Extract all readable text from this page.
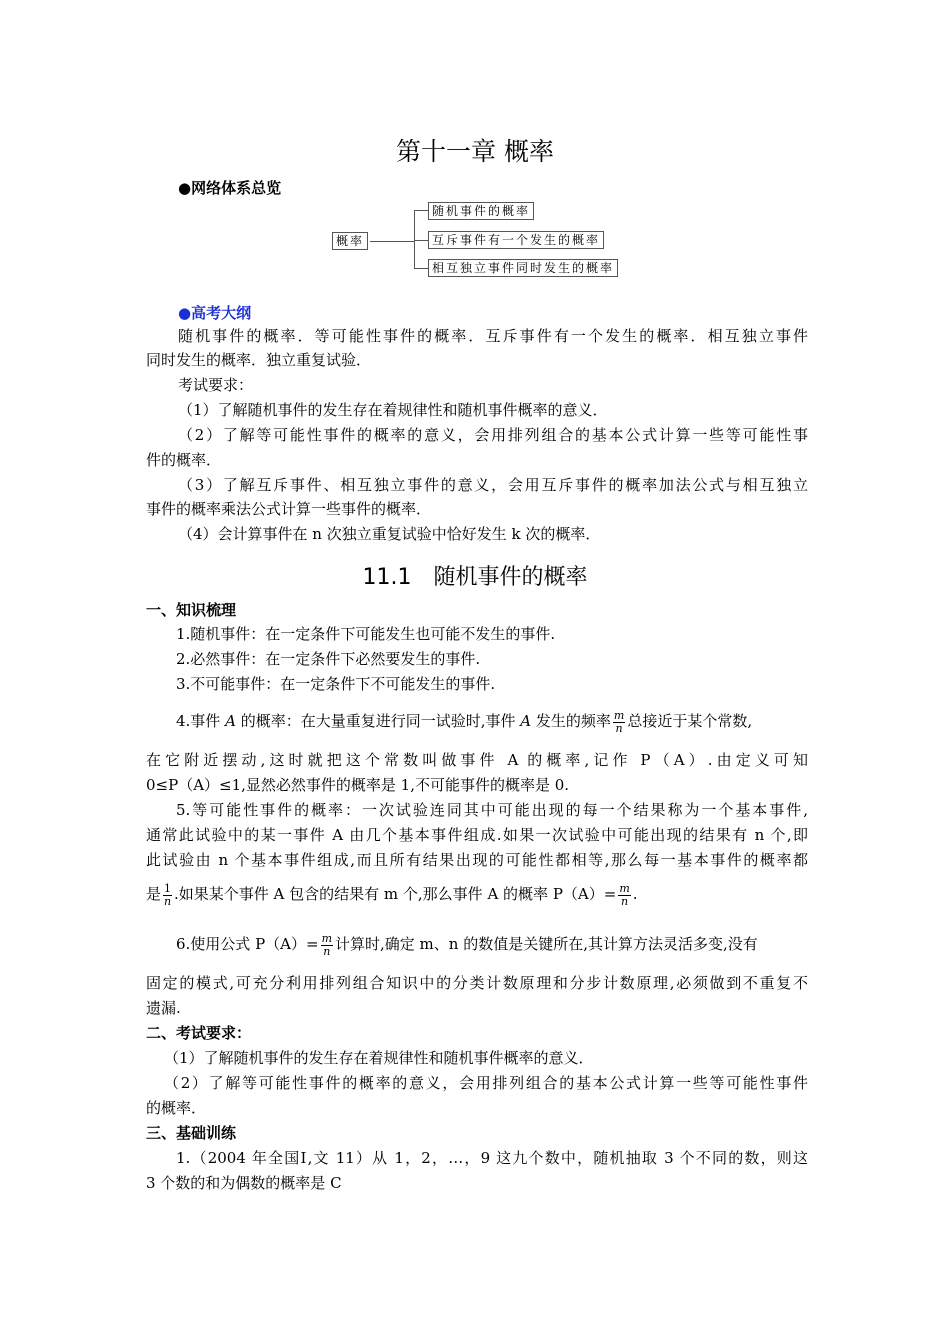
第十一章 概率
●网络体系总览
概率
随机事件的概率
互斥事件有一个发生的概率
相互独立事件同时发生的概率
●高考大纲
随机事件的概率．等可能性事件的概率．互斥事件有一个发生的概率．相互独立事件
同时发生的概率．独立重复试验．
考试要求：
（1）了解随机事件的发生存在着规律性和随机事件概率的意义．
（2）了解等可能性事件的概率的意义，会用排列组合的基本公式计算一些等可能性事
件的概率．
（3）了解互斥事件、相互独立事件的意义，会用互斥事件的概率加法公式与相互独立
事件的概率乘法公式计算一些事件的概率．
（4）会计算事件在 n 次独立重复试验中恰好发生 k 次的概率．
11.1　随机事件的概率
一、知识梳理
1.随机事件：在一定条件下可能发生也可能不发生的事件.
2.必然事件：在一定条件下必然要发生的事件.
3.不可能事件：在一定条件下不可能发生的事件.
4.事件 A 的概率：在大量重复进行同一试验时,事件 A 发生的频率 $\frac{m}{n}$ 总接近于某个常数,
在它附近摆动,这时就把这个常数叫做事件 A 的概率,记作 P（A）.由定义可知
0≤P（A）≤1,显然必然事件的概率是 1,不可能事件的概率是 0.
5.等可能性事件的概率：一次试验连同其中可能出现的每一个结果称为一个基本事件,
通常此试验中的某一事件 A 由几个基本事件组成.如果一次试验中可能出现的结果有 n 个,即
此试验由 n 个基本事件组成,而且所有结果出现的可能性都相等,那么每一基本事件的概率都
是 $\frac{1}{n}$ .如果某个事件 A 包含的结果有 m 个,那么事件 A 的概率 $P(A)= \frac{m}{n}$ .
6.使用公式 $P(A)= \frac{m}{n}$ 计算时,确定 m、n 的数值是关键所在,其计算方法灵活多变,没有
固定的模式,可充分利用排列组合知识中的分类计数原理和分步计数原理,必须做到不重复不
遗漏.
二、考试要求：
（1）了解随机事件的发生存在着规律性和随机事件概率的意义．
（2）了解等可能性事件的概率的意义，会用排列组合的基本公式计算一些等可能性事件
的概率．
三、基础训练
1.（2004 年全国Ⅰ,文 11）从 1，2，…，9 这九个数中，随机抽取 3 个不同的数，则这
3 个数的和为偶数的概率是 C
